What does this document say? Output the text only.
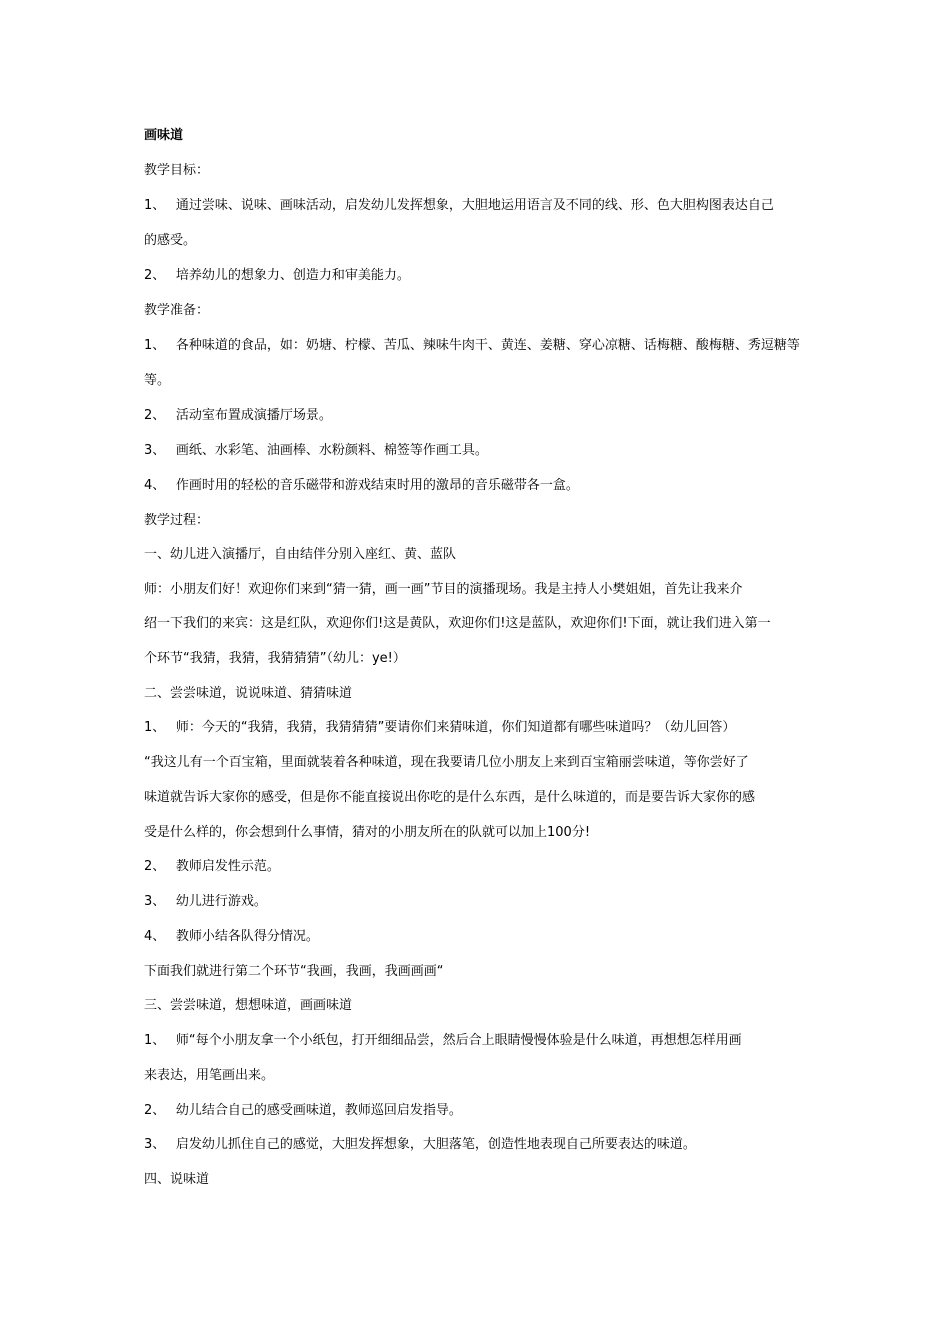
画味道
教学目标：
1、　 通过尝味、说味、画味活动，启发幼儿发挥想象，大胆地运用语言及不同的线、形、色大胆构图表达自己
的感受。
2、　 培养幼儿的想象力、创造力和审美能力。
教学准备：
1、　 各种味道的食品，如：奶塘、柠檬、苦瓜、辣味牛肉干、黄连、姜糖、穿心凉糖、话梅糖、酸梅糖、秀逗糖等
等。
2、　 活动室布置成演播厅场景。
3、　 画纸、水彩笔、油画棒、水粉颜料、棉签等作画工具。
4、　 作画时用的轻松的音乐磁带和游戏结束时用的激昂的音乐磁带各一盒。
教学过程：
一、幼儿进入演播厅，自由结伴分别入座红、黄、蓝队
师：小朋友们好！欢迎你们来到“猜一猜，画一画”节目的演播现场。我是主持人小樊姐姐，首先让我来介
绍一下我们的来宾：这是红队，欢迎你们!这是黄队，欢迎你们!这是蓝队，欢迎你们!下面，就让我们进入第一
个环节“我猜，我猜，我猜猜猜”（幼儿：ye!）
二、尝尝味道，说说味道、猜猜味道
1、　 师：今天的“我猜，我猜，我猜猜猜”要请你们来猜味道，你们知道都有哪些味道吗？（幼儿回答）
“我这儿有一个百宝箱，里面就装着各种味道，现在我要请几位小朋友上来到百宝箱丽尝味道，等你尝好了
味道就告诉大家你的感受，但是你不能直接说出你吃的是什么东西，是什么味道的，而是要告诉大家你的感
受是什么样的，你会想到什么事情，猜对的小朋友所在的队就可以加上100分!
2、　 教师启发性示范。
3、　 幼儿进行游戏。
4、　 教师小结各队得分情况。
下面我们就进行第二个环节“我画，我画，我画画画“
三、尝尝味道，想想味道，画画味道
1、　 师“每个小朋友拿一个小纸包，打开细细品尝，然后合上眼睛慢慢体验是什么味道，再想想怎样用画
来表达，用笔画出来。
2、　 幼儿结合自己的感受画味道，教师巡回启发指导。
3、　 启发幼儿抓住自己的感觉，大胆发挥想象，大胆落笔，创造性地表现自己所要表达的味道。
四、说味道
